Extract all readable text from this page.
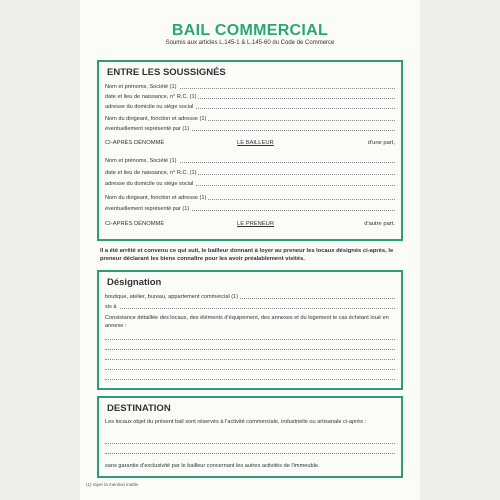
BAIL COMMERCIAL
Soumis aux articles L.145-1 & L.145-60 du Code de Commerce
ENTRE LES SOUSSIGNÉS
Nom et prénoms, Société (1)
date et lieu de naissance, n° R.C. (1)
adresse du domicile ou siège social
Nom du dirigeant, fonction et adresse (1)
éventuellement représenté par (1)
CI-APRÈS DÉNOMMÉ	LE BAILLEUR	d'une part,
Nom et prénoms, Société (1)
date et lieu de naissance, n° R.C. (1)
adresse du domicile ou siège social
Nom du dirigeant, fonction et adresse (1)
éventuellement représenté par (1)
CI-APRÈS DÉNOMMÉ	LE PRENEUR	d'autre part.
Il a été arrêté et convenu ce qui suit, le bailleur donnant à loyer au preneur les locaux désignés ci-après, le preneur déclarant les biens connaître pour les avoir préalablement visités.
Désignation
boutique, atelier, bureau, appartement commercial (1)
sis à
Consistance détaillée des locaux, des éléments d'équipement, des annexes et du logement le cas échéant loué en annexe :
DESTINATION
Les locaux objet du présent bail sont réservés à l'activité commerciale, industrielle ou artisanale ci-après :
sans garantie d'exclusivité par le bailleur concernant les autres activités de l'immeuble.
(1) rayer la mention inutile.
